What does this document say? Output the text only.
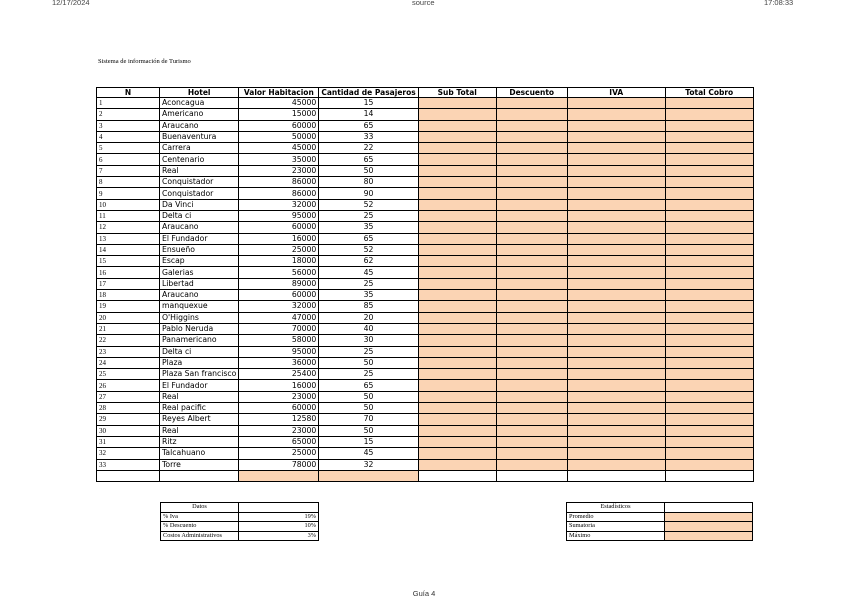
12/17/2024	source	17:08:33
Sistema de información de Turismo
N	Hotel	Valor Habitacion	Cantidad de Pasajeros	Sub Total	Descuento	IVA	Total Cobro
1	Aconcagua	45000	15				
2	Americano	15000	14				
3	Araucano	60000	65				
4	Buenaventura	50000	33				
5	Carrera	45000	22				
6	Centenario	35000	65				
7	Real	23000	50				
8	Conquistador	86000	80				
9	Conquistador	86000	90				
10	Da Vinci	32000	52				
11	Delta ci	95000	25				
12	Araucano	60000	35				
13	El Fundador	16000	65				
14	Ensueño	25000	52				
15	Escap	18000	62				
16	Galerias	56000	45				
17	Libertad	89000	25				
18	Araucano	60000	35				
19	manquexue	32000	85				
20	O'Higgins	47000	20				
21	Pablo Neruda	70000	40				
22	Panamericano	58000	30				
23	Delta ci	95000	25				
24	Plaza	36000	50				
25	Plaza San francisco	25400	25				
26	El Fundador	16000	65				
27	Real	23000	50				
28	Real pacific	60000	50				
29	Reyes Albert	12580	70				
30	Real	23000	50				
31	Ritz	65000	15				
32	Talcahuano	25000	45				
33	Torre	78000	32				

Datos	
% Iva	19%
% Descuento	10%
Costos Administrativos	3%
Estadísticos	
Promedio	
Sumatoria	
Máximo	
Guía 4
